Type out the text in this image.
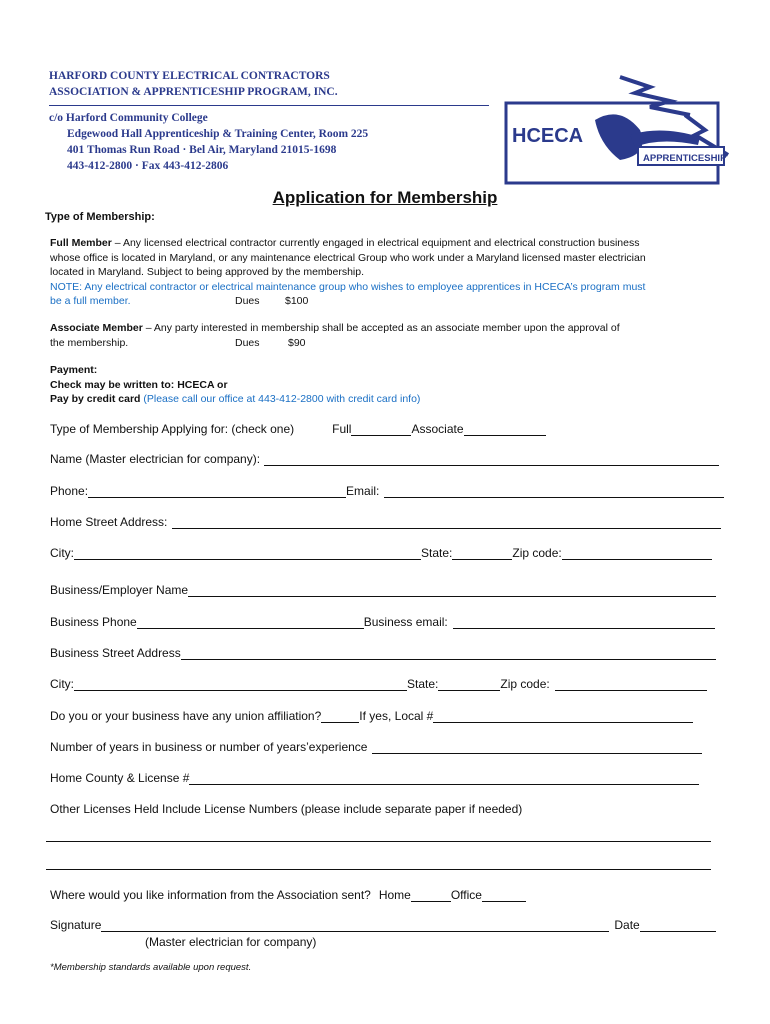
HARFORD COUNTY ELECTRICAL CONTRACTORS
ASSOCIATION & APPRENTICESHIP PROGRAM, INC.
c/o Harford Community College
Edgewood Hall Apprenticeship & Training Center, Room 225
401 Thomas Run Road · Bel Air, Maryland 21015-1698
443-412-2800 · Fax 443-412-2806
HCECA
APPRENTICESHIP
Application for Membership
Type of Membership:
Full Member – Any licensed electrical contractor currently engaged in electrical equipment and electrical construction business
whose office is located in Maryland, or any maintenance electrical Group who work under a Maryland licensed master electrician
located in Maryland. Subject to being approved by the membership.
NOTE: Any electrical contractor or electrical maintenance group who wishes to employee apprentices in HCECA’s program must
be a full member.	Dues $100
Associate Member – Any party interested in membership shall be accepted as an associate member upon the approval of
the membership.	Dues	$90
Payment:
Check may be written to: HCECA or
Pay by credit card (Please call our office at 443-412-2800 with credit card info)
Type of Membership Applying for: (check one)	Full	Associate
Name (Master electrician for company):
Phone:	Email:
Home Street Address:
City:	State:	Zip code:
Business/Employer Name
Business Phone	Business email:
Business Street Address
City:	State:	Zip code:
Do you or your business have any union affiliation?	If yes, Local #
Number of years in business or number of years’experience
Home County & License #
Other Licenses Held Include License Numbers (please include separate paper if needed)
Where would you like information from the Association sent? Home	Office
Signature	Date
(Master electrician for company)
*Membership standards available upon request.
